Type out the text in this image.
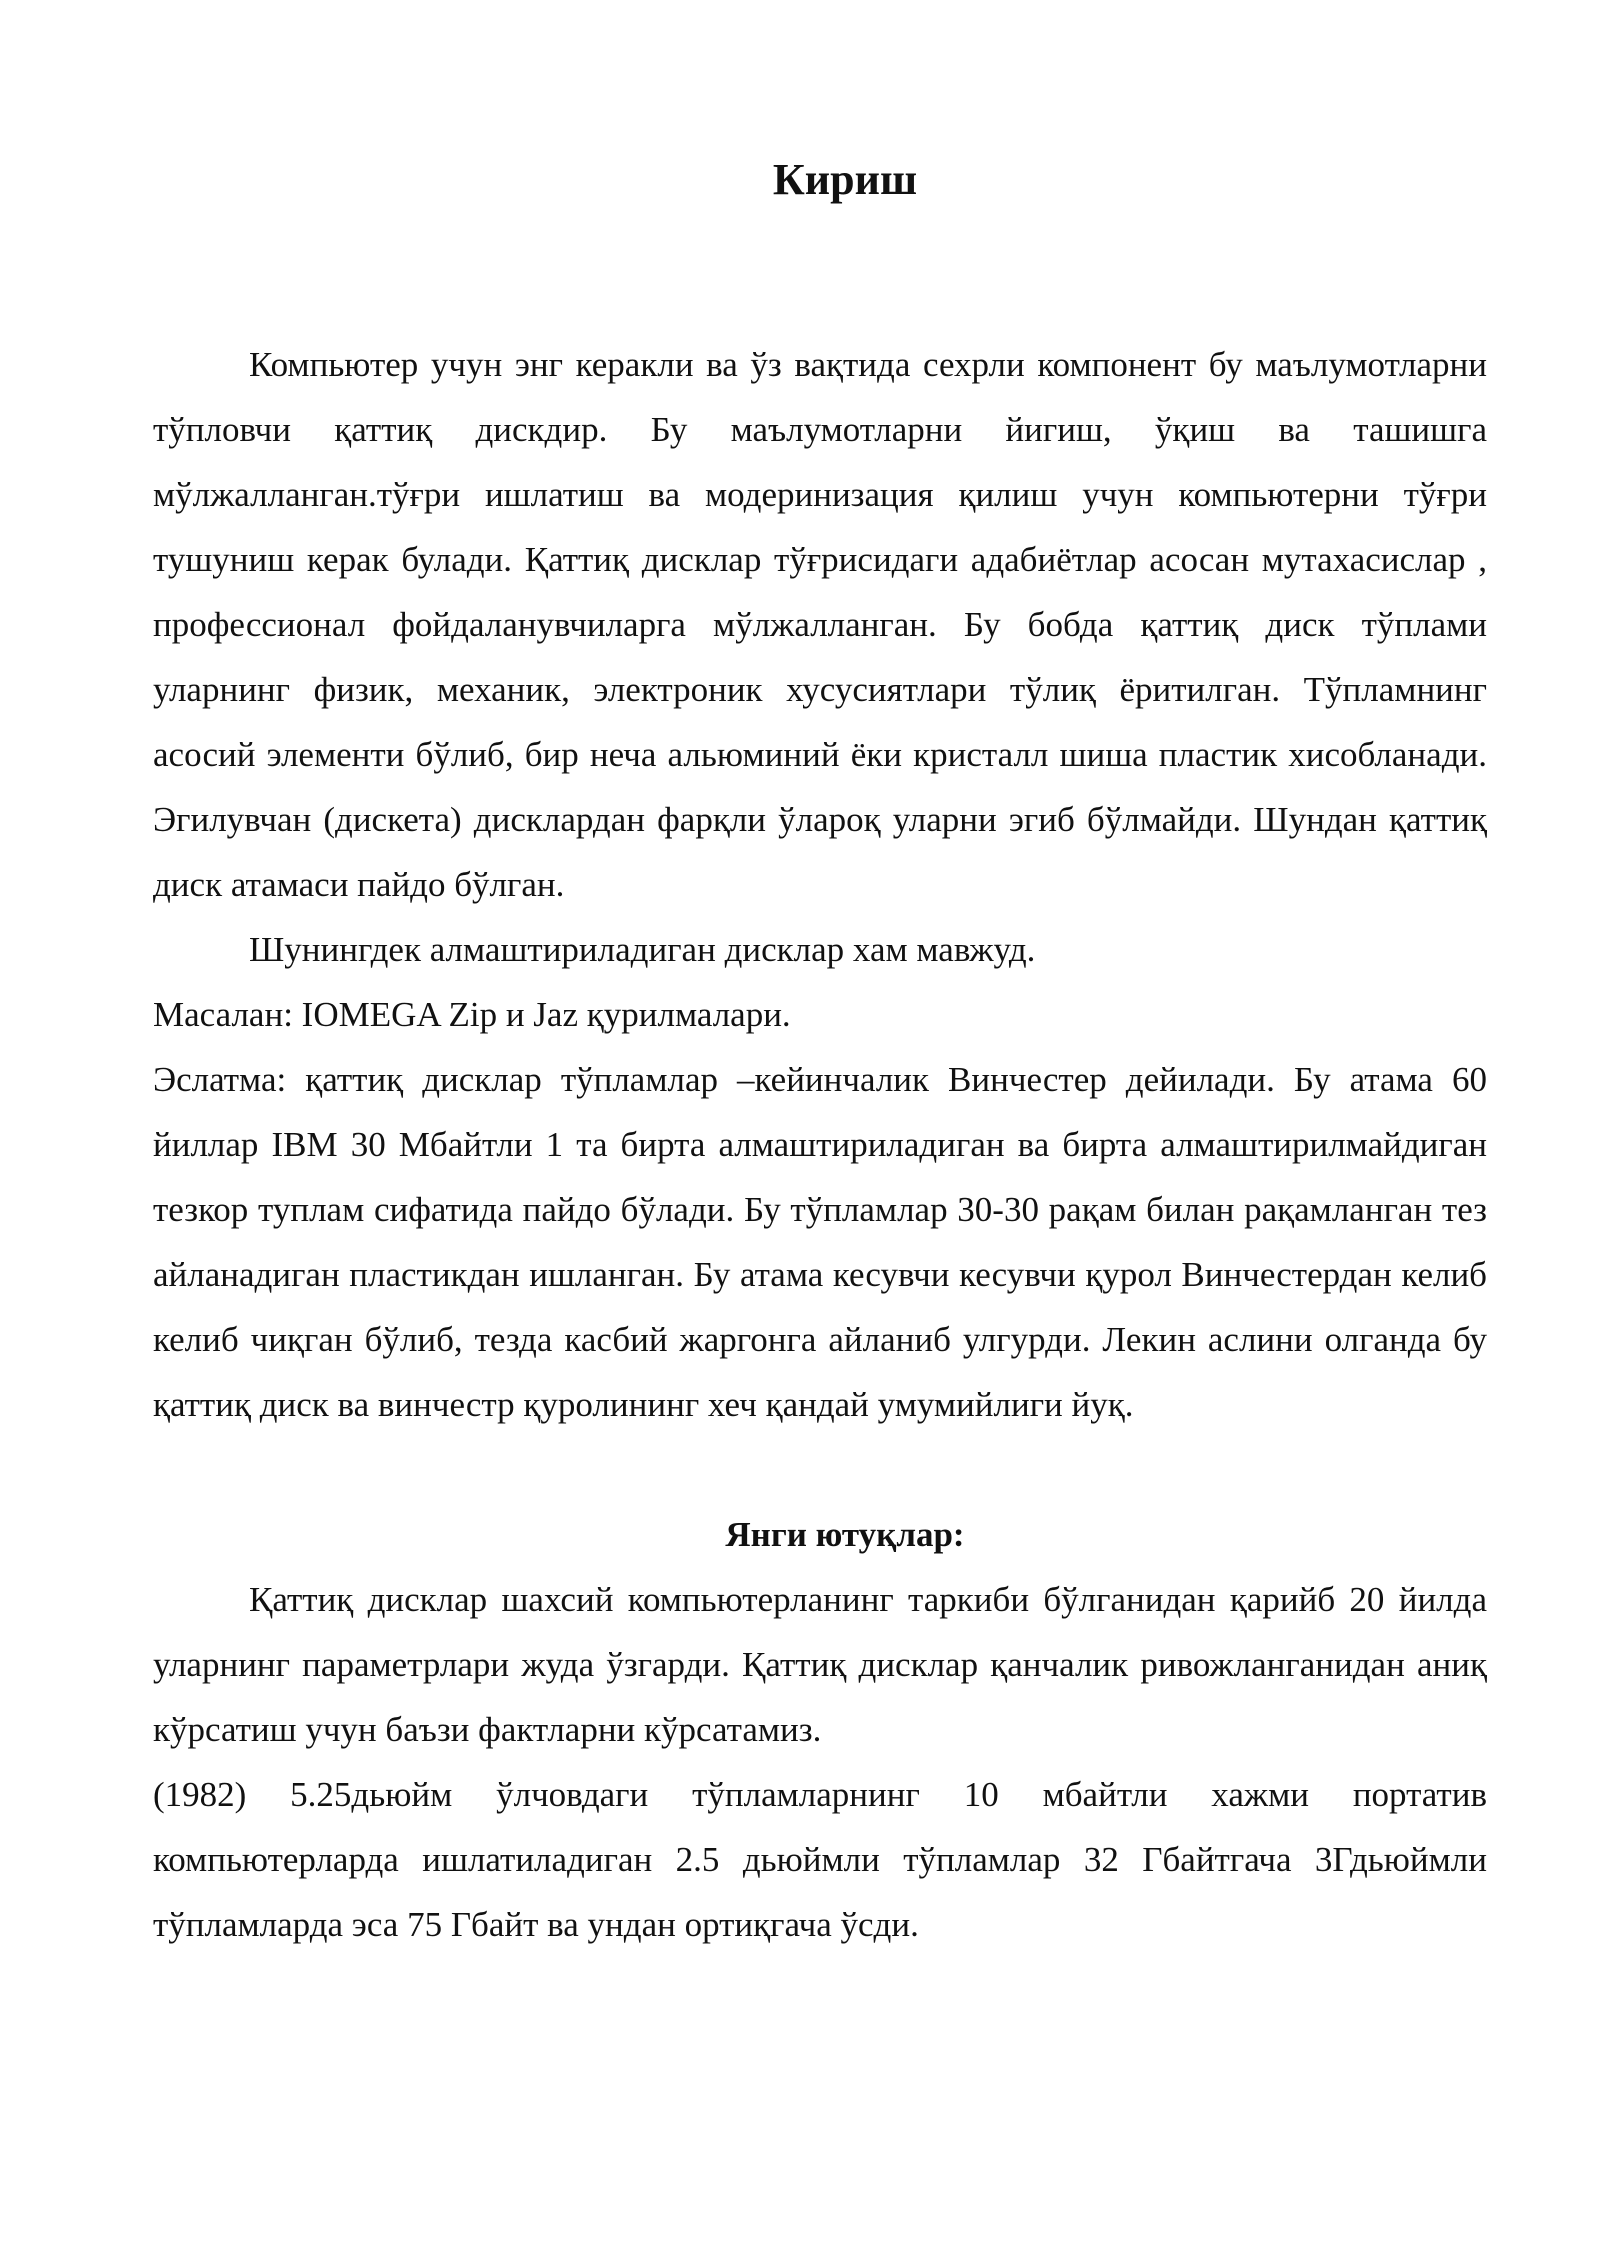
Кириш

Компьютер учун энг керакли ва ўз вақтида сехрли компонент бу маълумотларни тўпловчи қаттиқ дискдир. Бу маълумотларни йигиш, ўқиш ва ташишга мўлжалланган.тўғри ишлатиш ва модеринизация қилиш учун компьютерни тўғри тушуниш керак булади. Қаттиқ дисклар тўғрисидаги адабиётлар асосан мутахасислар , профессионал фойдаланувчиларга мўлжалланган. Бу бобда қаттиқ диск тўплами уларнинг физик, механик, электроник хусусиятлари тўлиқ ёритилган. Тўпламнинг асосий элементи бўлиб, бир неча альюминий ёки кристалл шиша пластик хисобланади. Эгилувчан (дискета) дисклардан фарқли ўлароқ уларни эгиб бўлмайди. Шундан қаттиқ диск атамаси пайдо бўлган.

Шунингдек алмаштириладиган дисклар хам мавжуд.

Масалан: IOMEGA Zip и Jaz қурилмалари.

Эслатма: қаттиқ дисклар тўпламлар –кейинчалик Винчестер дейилади. Бу атама 60 йиллар IBM 30 Мбайтли 1 та бирта алмаштириладиган ва бирта алмаштирилмайдиган тезкор туплам сифатида пайдо бўлади. Бу тўпламлар 30-30 рақам билан рақамланган тез айланадиган пластикдан ишланган. Бу атама кесувчи кесувчи қурол Винчестердан келиб келиб чиқган бўлиб, тезда касбий жаргонга айланиб улгурди. Лекин аслини олганда бу қаттиқ диск ва винчестр қуролининг хеч қандай умумийлиги йуқ.

Янги ютуқлар:

Қаттиқ дисклар шахсий компьютерланинг таркиби бўлганидан қарийб 20 йилда уларнинг параметрлари жуда ўзгарди. Қаттиқ дисклар қанчалик ривожланганидан аниқ кўрсатиш учун баъзи фактларни кўрсатамиз.

(1982) 5.25дьюйм ўлчовдаги тўпламларнинг 10 мбайтли хажми портатив компьютерларда ишлатиладиган 2.5 дьюймли тўпламлар 32 Гбайтгача 3Гдьюймли тўпламларда эса 75 Гбайт ва ундан ортиқгача ўсди.
